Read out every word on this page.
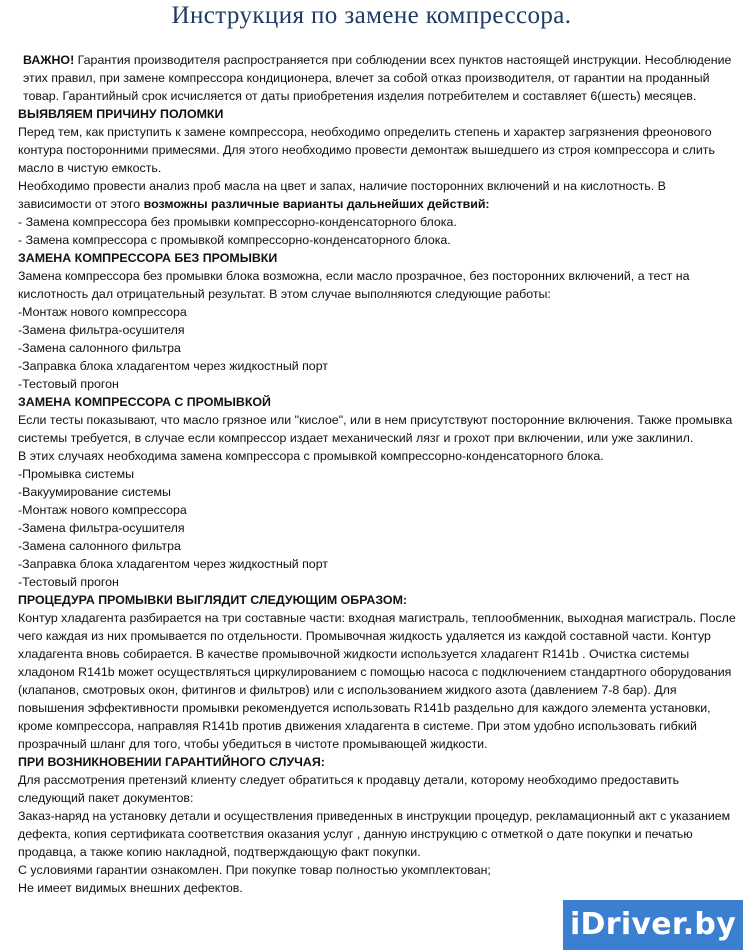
Инструкция по замене компрессора.

ВАЖНО! Гарантия производителя распространяется при соблюдении всех пунктов настоящей инструкции. Несоблюдение этих правил, при замене компрессора кондиционера, влечет за собой отказ производителя, от гарантии на проданный товар. Гарантийный срок исчисляется от даты приобретения изделия потребителем и составляет 6(шесть) месяцев.

ВЫЯВЛЯЕМ ПРИЧИНУ ПОЛОМКИ

Перед тем, как приступить к замене компрессора, необходимо определить степень и характер загрязнения фреонового контура посторонними примесями. Для этого необходимо провести демонтаж вышедшего из строя компрессора и слить масло в чистую емкость.

Необходимо провести анализ проб масла на цвет и запах, наличие посторонних включений и на кислотность. В зависимости от этого возможны различные варианты дальнейших действий:

- Замена компрессора без промывки компрессорно-конденсаторного блока.

- Замена компрессора с промывкой компрессорно-конденсаторного блока.

ЗАМЕНА КОМПРЕССОРА БЕЗ ПРОМЫВКИ

Замена компрессора без промывки блока возможна, если масло прозрачное, без посторонних включений, а тест на кислотность дал отрицательный результат. В этом случае выполняются следующие работы:

-Монтаж нового компрессора

-Замена фильтра-осушителя

-Замена салонного фильтра

-Заправка блока хладагентом через жидкостный порт

-Тестовый прогон

ЗАМЕНА КОМПРЕССОРА С ПРОМЫВКОЙ

Если тесты показывают, что масло грязное или "кислое", или в нем присутствуют посторонние включения. Также промывка системы требуется, в случае если компрессор издает механический лязг и грохот при включении, или уже заклинил.

В этих случаях необходима замена компрессора с промывкой компрессорно-конденсаторного блока.

-Промывка системы

-Вакуумирование системы

-Монтаж нового компрессора

-Замена фильтра-осушителя

-Замена салонного фильтра

-Заправка блока хладагентом через жидкостный порт

-Тестовый прогон

ПРОЦЕДУРА ПРОМЫВКИ ВЫГЛЯДИТ СЛЕДУЮЩИМ ОБРАЗОМ:

Контур хладагента разбирается на три составные части: входная магистраль, теплообменник, выходная магистраль. После чего каждая из них промывается по отдельности. Промывочная жидкость удаляется из каждой составной части. Контур хладагента вновь собирается. В качестве промывочной жидкости используется хладагент R141b . Очистка системы хладоном R141b может осуществляться циркулированием с помощью насоса с подключением стандартного оборудования (клапанов, смотровых окон, фитингов и фильтров) или с использованием жидкого азота (давлением 7-8 бар). Для повышения эффективности промывки рекомендуется использовать R141b раздельно для каждого элемента установки, кроме компрессора, направляя R141b против движения хладагента в системе. При этом удобно использовать гибкий прозрачный шланг для того, чтобы убедиться в чистоте промывающей жидкости.

ПРИ ВОЗНИКНОВЕНИИ ГАРАНТИЙНОГО СЛУЧАЯ:

Для рассмотрения претензий клиенту следует обратиться к продавцу детали, которому необходимо предоставить следующий пакет документов:

Заказ-наряд на установку детали и осуществления приведенных в инструкции процедур, рекламационный акт с указанием дефекта, копия сертификата соответствия оказания услуг , данную инструкцию с отметкой о дате покупки и печатью продавца, а также копию накладной, подтверждающую факт покупки.

С условиями гарантии ознакомлен. При покупке товар полностью укомплектован;

Не имеет видимых внешних дефектов.

iDriver.by
